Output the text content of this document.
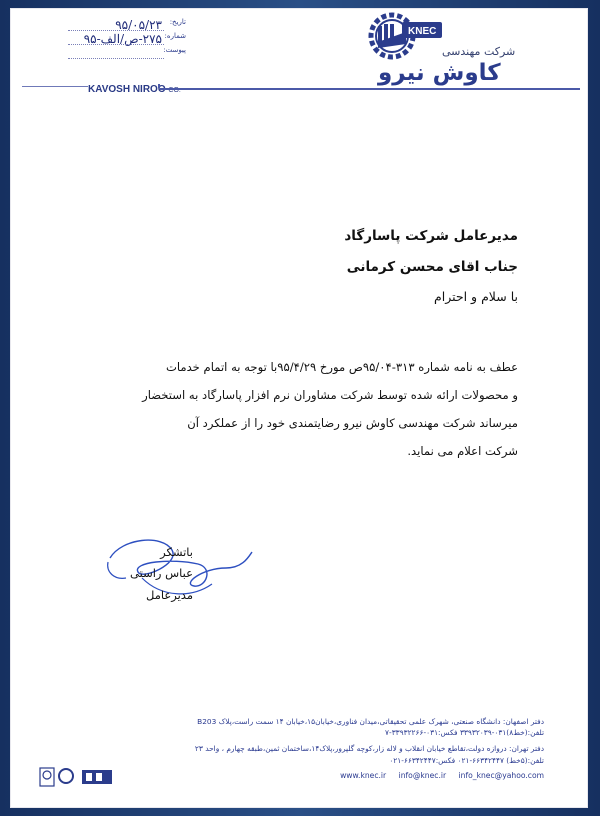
تاریخ:
۹۵/۰۵/۲۳
شماره:
۲۷۵-ص/الف-۹۵
پیوست:
KNEC
شرکت مهندسی
کاوش نیرو
KAVOSH NIROO CO.
مدیرعامل شرکت پاسارگاد
جناب اقای محسن کرمانی
با سلام و احترام
عطف به نامه شماره ۳۱۳-۹۵/۰۴ص مورخ ۹۵/۴/۲۹با توجه به اتمام خدمات
و محصولات ارائه شده توسط شرکت مشاوران نرم افزار پاسارگاد به استخضار
میرساند شرکت مهندسی کاوش نیرو رضایتمندی خود را از عملکرد آن
شرکت اعلام می نماید.
باتشکر
عباس راستی
مدیرعامل
دفتر اصفهان: دانشگاه صنعتی، شهرک علمی تحقیقاتی،میدان فناوری،خیابان۱۵،خیابان ۱۴ سمت راست،پلاک B203
تلفن:(خط۸)۰۳۱-۳۳۹۳۲۰۳۹ فکس:۰۳۱-۳۳۹۳۲۲۶۶-۷
دفتر تهران: دروازه دولت،تقاطع خیابان انقلاب و لاله زار،کوچه گلپرور،پلاک۱۴،ساختمان ثمین،طبقه چهارم ، واحد ۲۳
تلفن:(۵خط) ۶۶۳۴۲۴۴۷-۰۲۱ فکس:۶۶۳۴۲۴۴۷-۰۲۱
www.knec.ir info@knec.ir info_knec@yahoo.com
